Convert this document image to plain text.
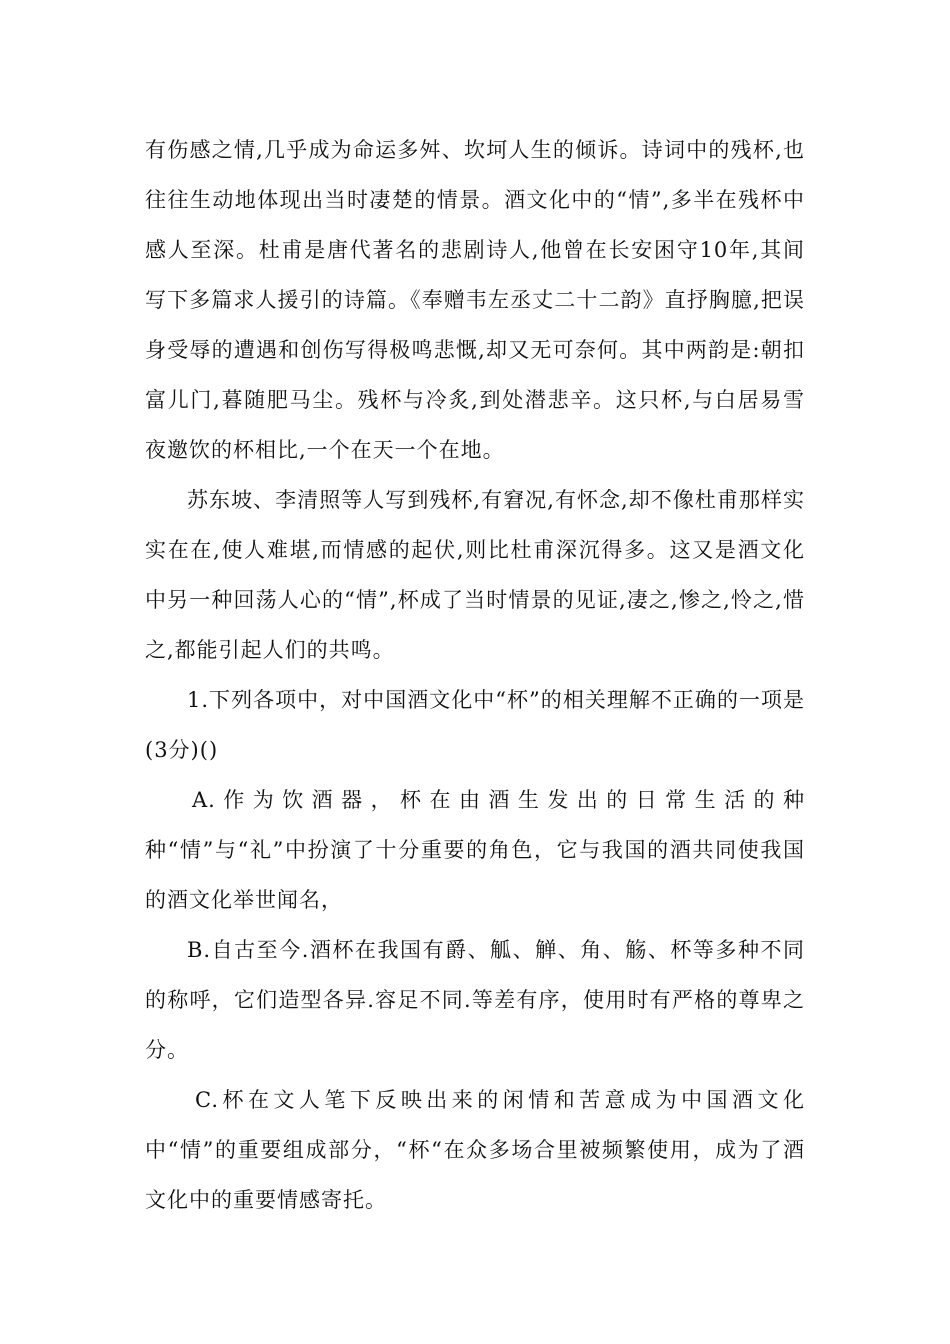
有伤感之情,几乎成为命运多舛、坎坷人生的倾诉。诗词中的残杯,也往往生动地体现出当时凄楚的情景。酒文化中的“情”,多半在残杯中感人至深。杜甫是唐代著名的悲剧诗人,他曾在长安困守10年,其间写下多篇求人援引的诗篇。《奉赠韦左丞丈二十二韵》直抒胸臆,把误身受辱的遭遇和创伤写得极鸣悲慨,却又无可奈何。其中两韵是:朝扣富儿门,暮随肥马尘。残杯与冷炙,到处潜悲辛。这只杯,与白居易雪夜邀饮的杯相比,一个在天一个在地。

苏东坡、李清照等人写到残杯,有窘况,有怀念,却不像杜甫那样实实在在,使人难堪,而情感的起伏,则比杜甫深沉得多。这又是酒文化中另一种回荡人心的“情”,杯成了当时情景的见证,凄之,惨之,怜之,惜之,都能引起人们的共鸣。

1.下列各项中，对中国酒文化中“杯”的相关理解不正确的一项是(3分)()

A.作为饮酒器，杯在由酒生发出的日常生活的种种“情”与“礼”中扮演了十分重要的角色，它与我国的酒共同使我国的酒文化举世闻名，

B.自古至今.酒杯在我国有爵、觚、觯、角、觞、杯等多种不同的称呼，它们造型各异.容足不同.等差有序，使用时有严格的尊卑之分。

C.杯在文人笔下反映出来的闲情和苦意成为中国酒文化中“情”的重要组成部分，“杯“在众多场合里被频繁使用，成为了酒文化中的重要情感寄托。
